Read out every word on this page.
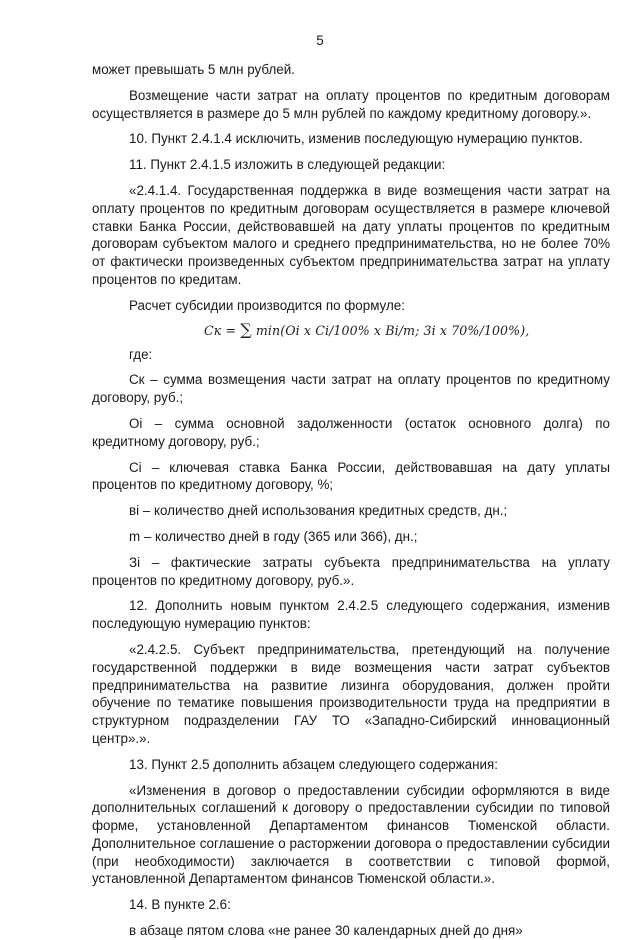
5

может превышать 5 млн рублей.

Возмещение части затрат на оплату процентов по кредитным договорам осуществляется в размере до 5 млн рублей по каждому кредитному договору.».

10. Пункт 2.4.1.4 исключить, изменив последующую нумерацию пунктов.

11. Пункт 2.4.1.5 изложить в следующей редакции:

«2.4.1.4. Государственная поддержка в виде возмещения части затрат на оплату процентов по кредитным договорам осуществляется в размере ключевой ставки Банка России, действовавшей на дату уплаты процентов по кредитным договорам субъектом малого и среднего предпринимательства, но не более 70% от фактически произведенных субъектом предпринимательства затрат на уплату процентов по кредитам.

Расчет субсидии производится по формуле:

Cк = ∑ min(Oi x Ci/100% x Bi/m; 3i x 70%/100%),

где:

Ск – сумма возмещения части затрат на оплату процентов по кредитному договору, руб.;

Оi – сумма основной задолженности (остаток основного долга) по кредитному договору, руб.;

Сi – ключевая ставка Банка России, действовавшая на дату уплаты процентов по кредитному договору, %;

вi – количество дней использования кредитных средств, дн.;

m – количество дней в году (365 или 366), дн.;

Зi – фактические затраты субъекта предпринимательства на уплату процентов по кредитному договору, руб.».

12. Дополнить новым пунктом 2.4.2.5 следующего содержания, изменив последующую нумерацию пунктов:

«2.4.2.5. Субъект предпринимательства, претендующий на получение государственной поддержки в виде возмещения части затрат субъектов предпринимательства на развитие лизинга оборудования, должен пройти обучение по тематике повышения производительности труда на предприятии в структурном подразделении ГАУ ТО «Западно-Сибирский инновационный центр».».

13. Пункт 2.5 дополнить абзацем следующего содержания:

«Изменения в договор о предоставлении субсидии оформляются в виде дополнительных соглашений к договору о предоставлении субсидии по типовой форме, установленной Департаментом финансов Тюменской области. Дополнительное соглашение о расторжении договора о предоставлении субсидии (при необходимости) заключается в соответствии с типовой формой, установленной Департаментом финансов Тюменской области.».

14. В пункте 2.6:

в абзаце пятом слова «не ранее 30 календарных дней до дня»
